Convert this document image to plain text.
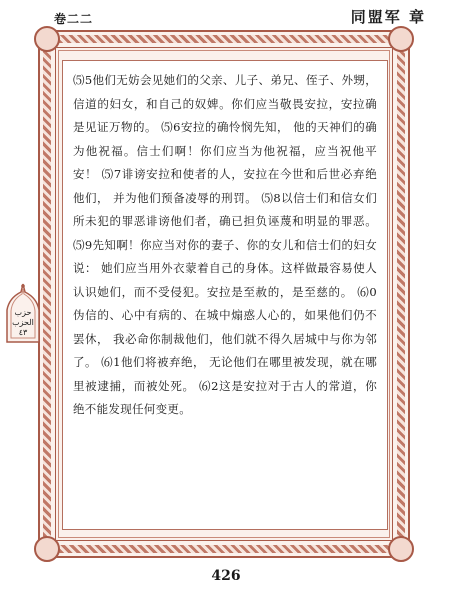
卷二二	同盟军 章

⑸5他们无妨会见她们的父亲、儿子、弟兄、侄子、外甥，信道的妇女，和自己的奴婢。你们应当敬畏安拉，安拉确是见证万物的。 ⑸6安拉的确怜悯先知， 他的天神们的确为他祝福。信士们啊！你们应当为他祝福，应当祝他平安！ ⑸7诽谤安拉和使者的人，安拉在今世和后世必弃绝他们， 并为他们预备凌辱的刑罚。 ⑸8以信士们和信女们所未犯的罪恶诽谤他们者，确已担负诬蔑和明显的罪恶。 ⑸9先知啊！你应当对你的妻子、你的女儿和信士们的妇女说： 她们应当用外衣蒙着自己的身体。这样做最容易使人认识她们，而不受侵犯。安拉是至赦的，是至慈的。 ⑹0伪信的、心中有病的、在城中煽惑人心的，如果他们仍不罢休， 我必命你制裁他们，他们就不得久居城中与你为邻了。 ⑹1他们将被弃绝， 无论他们在哪里被发现，就在哪里被逮捕，而被处死。 ⑹2这是安拉对于古人的常道，你绝不能发现任何变更。

ﺣﺰﺏ
الحزب
٤٣
426
